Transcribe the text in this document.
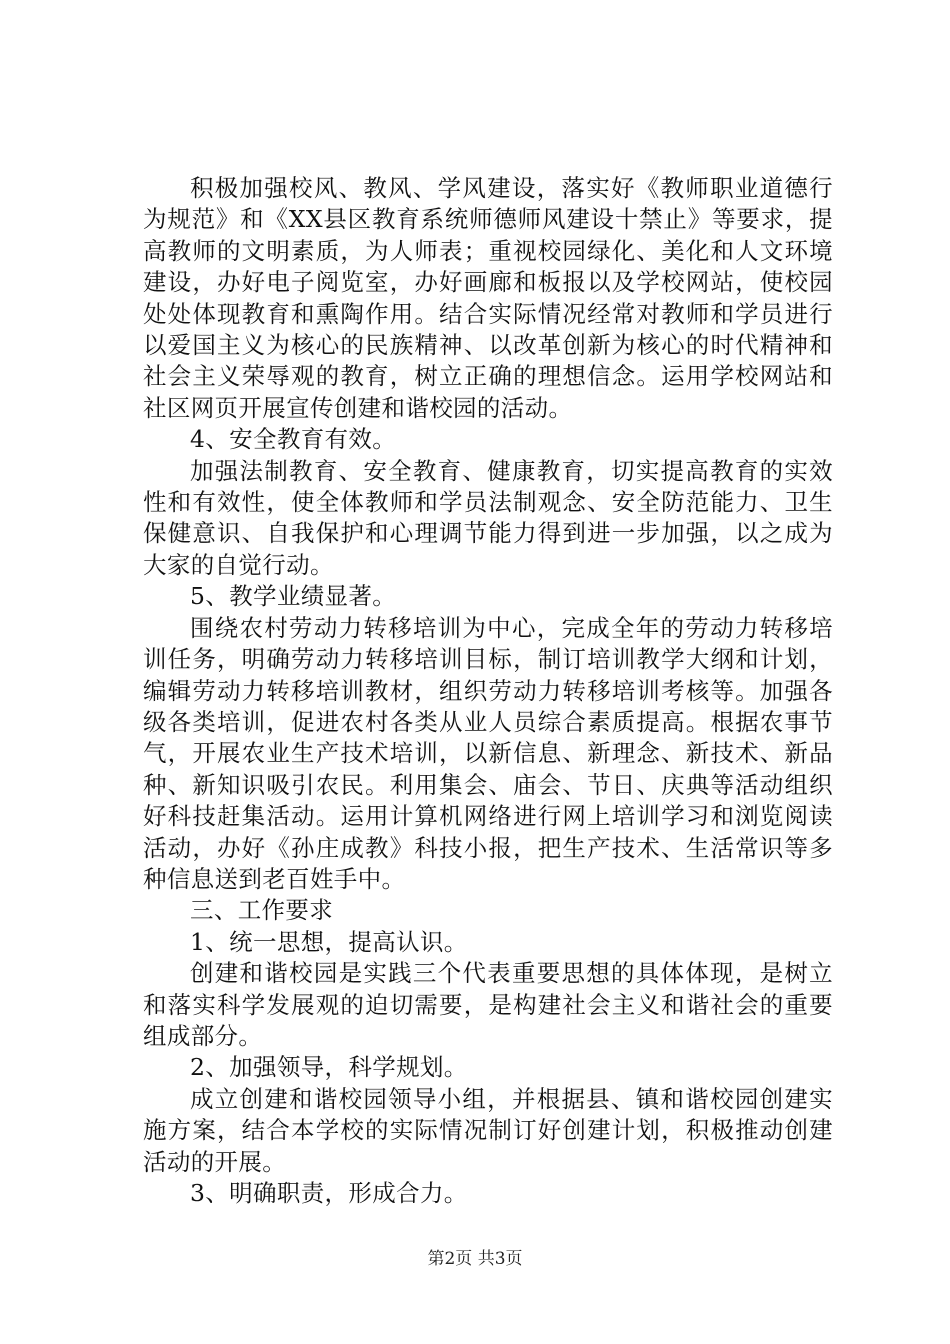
积极加强校风、教风、学风建设，落实好《教师职业道德行为规范》和《XX县区教育系统师德师风建设十禁止》等要求，提高教师的文明素质，为人师表；重视校园绿化、美化和人文环境建设，办好电子阅览室，办好画廊和板报以及学校网站，使校园处处体现教育和熏陶作用。结合实际情况经常对教师和学员进行以爱国主义为核心的民族精神、以改革创新为核心的时代精神和社会主义荣辱观的教育，树立正确的理想信念。运用学校网站和社区网页开展宣传创建和谐校园的活动。

4、安全教育有效。

加强法制教育、安全教育、健康教育，切实提高教育的实效性和有效性，使全体教师和学员法制观念、安全防范能力、卫生保健意识、自我保护和心理调节能力得到进一步加强，以之成为大家的自觉行动。

5、教学业绩显著。

围绕农村劳动力转移培训为中心，完成全年的劳动力转移培训任务，明确劳动力转移培训目标，制订培训教学大纲和计划，编辑劳动力转移培训教材，组织劳动力转移培训考核等。加强各级各类培训，促进农村各类从业人员综合素质提高。根据农事节气，开展农业生产技术培训，以新信息、新理念、新技术、新品种、新知识吸引农民。利用集会、庙会、节日、庆典等活动组织好科技赶集活动。运用计算机网络进行网上培训学习和浏览阅读活动，办好《孙庄成教》科技小报，把生产技术、生活常识等多种信息送到老百姓手中。

三、工作要求

1、统一思想，提高认识。

创建和谐校园是实践三个代表重要思想的具体体现，是树立和落实科学发展观的迫切需要，是构建社会主义和谐社会的重要组成部分。

2、加强领导，科学规划。

成立创建和谐校园领导小组，并根据县、镇和谐校园创建实施方案，结合本学校的实际情况制订好创建计划，积极推动创建活动的开展。

3、明确职责，形成合力。

第2页 共3页
